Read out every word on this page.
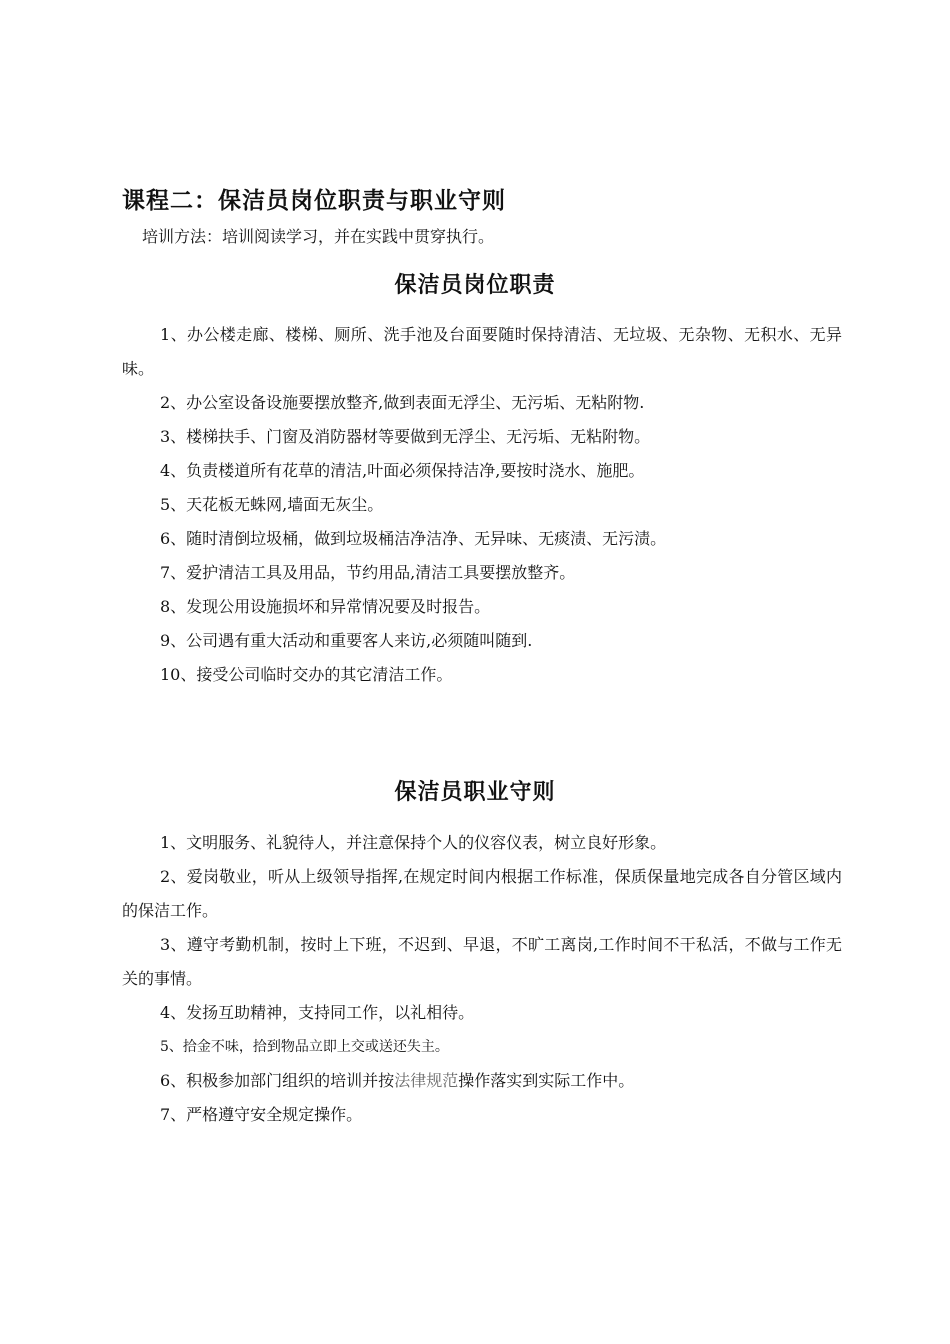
课程二：保洁员岗位职责与职业守则
培训方法：培训阅读学习，并在实践中贯穿执行。
保洁员岗位职责
1、办公楼走廊、楼梯、厕所、洗手池及台面要随时保持清洁、无垃圾、无杂物、无积水、无异味。
2、办公室设备设施要摆放整齐,做到表面无浮尘、无污垢、无粘附物.
3、楼梯扶手、门窗及消防器材等要做到无浮尘、无污垢、无粘附物。
4、负责楼道所有花草的清洁,叶面必须保持洁净,要按时浇水、施肥。
5、天花板无蛛网,墙面无灰尘。
6、随时清倒垃圾桶，做到垃圾桶洁净洁净、无异味、无痰渍、无污渍。
7、爱护清洁工具及用品，节约用品,清洁工具要摆放整齐。
8、发现公用设施损坏和异常情况要及时报告。
9、公司遇有重大活动和重要客人来访,必须随叫随到.
10、接受公司临时交办的其它清洁工作。
保洁员职业守则
1、文明服务、礼貌待人，并注意保持个人的仪容仪表，树立良好形象。
2、爱岗敬业，听从上级领导指挥,在规定时间内根据工作标准，保质保量地完成各自分管区域内的保洁工作。
3、遵守考勤机制，按时上下班，不迟到、早退，不旷工离岗,工作时间不干私活，不做与工作无关的事情。
4、发扬互助精神，支持同工作，以礼相待。
5、拾金不味，拾到物品立即上交或送还失主。
6、积极参加部门组织的培训并按法律规范操作落实到实际工作中。
7、严格遵守安全规定操作。
